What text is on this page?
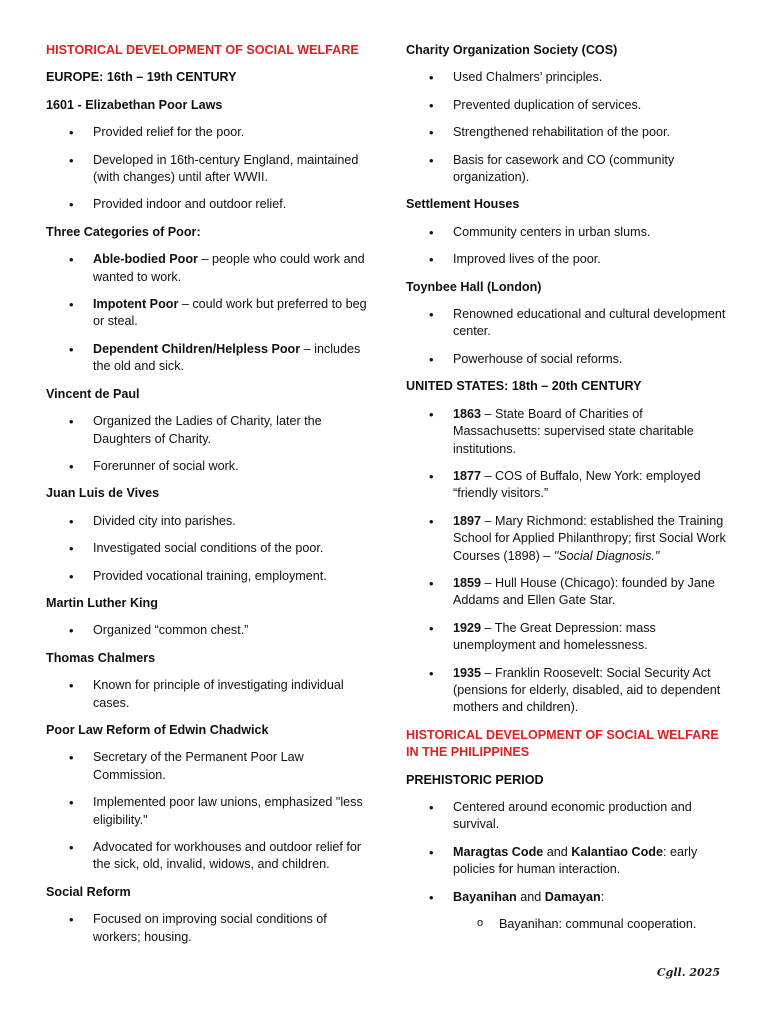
HISTORICAL DEVELOPMENT OF SOCIAL WELFARE
EUROPE: 16th – 19th CENTURY
1601 - Elizabethan Poor Laws
• Provided relief for the poor.
• Developed in 16th-century England, maintained (with changes) until after WWII.
• Provided indoor and outdoor relief.
Three Categories of Poor:
• Able-bodied Poor – people who could work and wanted to work.
• Impotent Poor – could work but preferred to beg or steal.
• Dependent Children/Helpless Poor – includes the old and sick.
Vincent de Paul
• Organized the Ladies of Charity, later the Daughters of Charity.
• Forerunner of social work.
Juan Luis de Vives
• Divided city into parishes.
• Investigated social conditions of the poor.
• Provided vocational training, employment.
Martin Luther King
• Organized “common chest.”
Thomas Chalmers
• Known for principle of investigating individual cases.
Poor Law Reform of Edwin Chadwick
• Secretary of the Permanent Poor Law Commission.
• Implemented poor law unions, emphasized "less eligibility."
• Advocated for workhouses and outdoor relief for the sick, old, invalid, widows, and children.
Social Reform
• Focused on improving social conditions of workers; housing.
Charity Organization Society (COS)
• Used Chalmers’ principles.
• Prevented duplication of services.
• Strengthened rehabilitation of the poor.
• Basis for casework and CO (community organization).
Settlement Houses
• Community centers in urban slums.
• Improved lives of the poor.
Toynbee Hall (London)
• Renowned educational and cultural development center.
• Powerhouse of social reforms.
UNITED STATES: 18th – 20th CENTURY
• 1863 – State Board of Charities of Massachusetts: supervised state charitable institutions.
• 1877 – COS of Buffalo, New York: employed “friendly visitors.”
• 1897 – Mary Richmond: established the Training School for Applied Philanthropy; first Social Work Courses (1898) – "Social Diagnosis."
• 1859 – Hull House (Chicago): founded by Jane Addams and Ellen Gate Star.
• 1929 – The Great Depression: mass unemployment and homelessness.
• 1935 – Franklin Roosevelt: Social Security Act (pensions for elderly, disabled, aid to dependent mothers and children).
HISTORICAL DEVELOPMENT OF SOCIAL WELFARE IN THE PHILIPPINES
PREHISTORIC PERIOD
• Centered around economic production and survival.
• Maragtas Code and Kalantiao Code: early policies for human interaction.
• Bayanihan and Damayan:
o Bayanihan: communal cooperation.
Cgll. 2025
